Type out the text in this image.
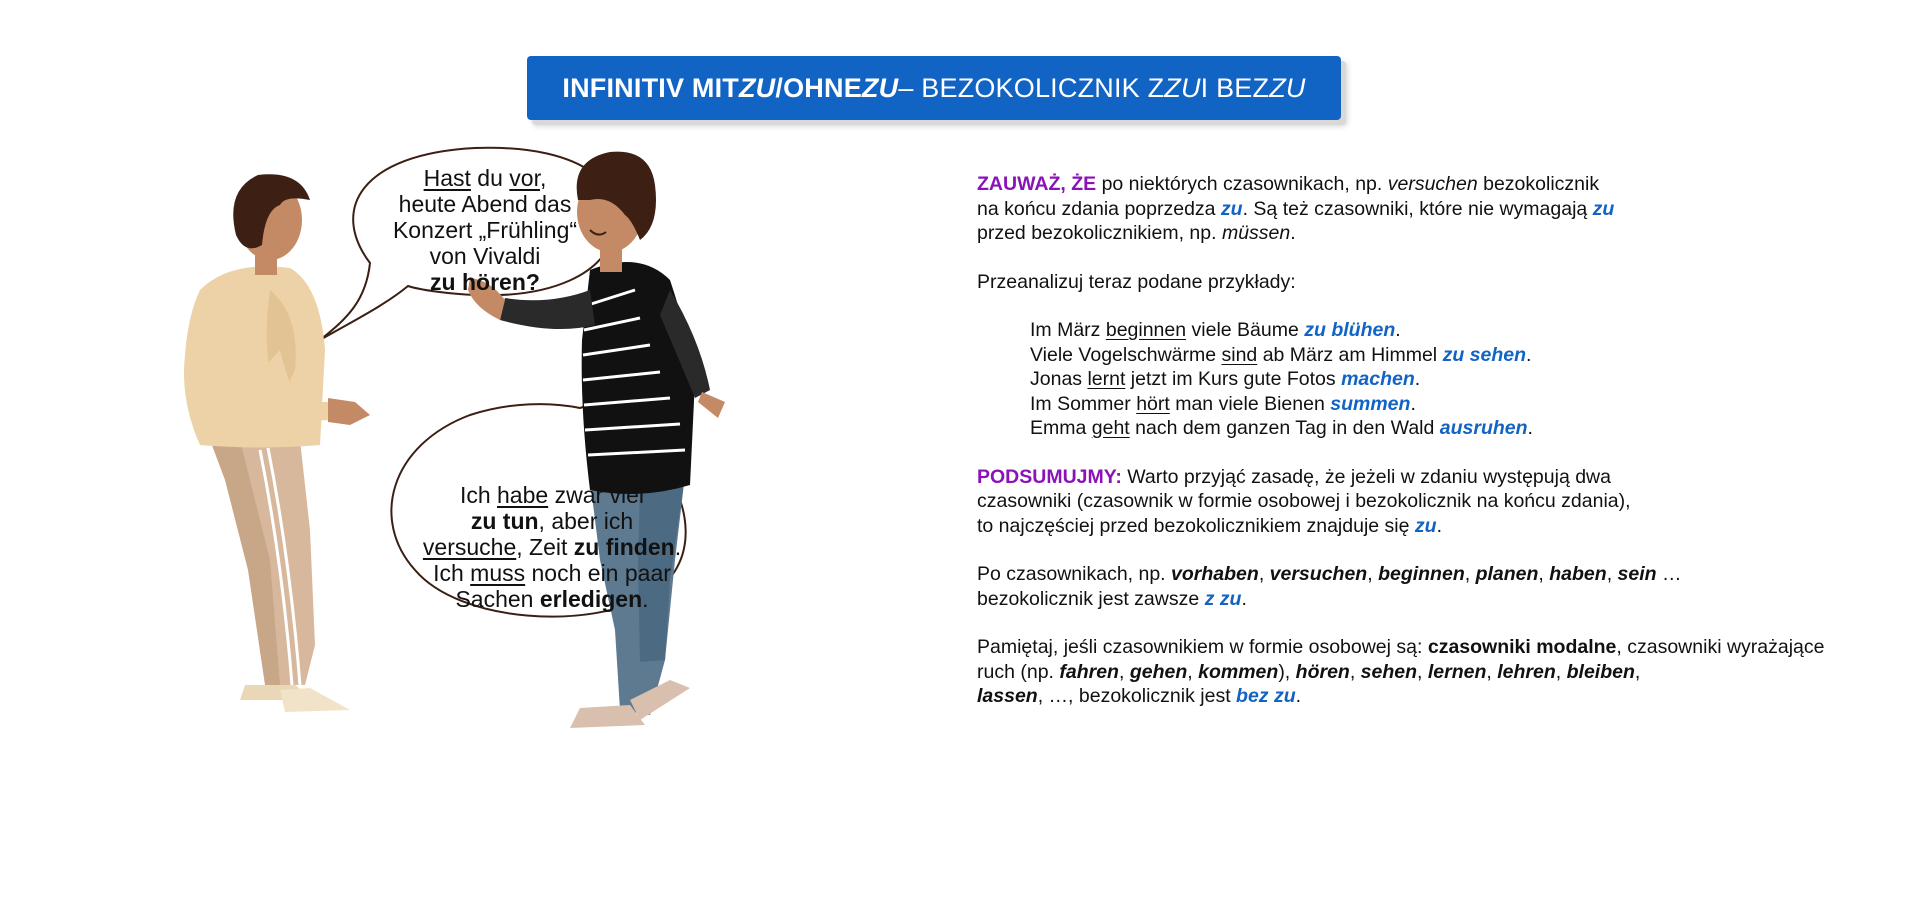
INFINITIV MIT ZU /OHNE ZU – BEZOKOLICZNIK Z ZU I BEZ ZU
Hast du vor,
heute Abend das
Konzert „Frühling“
von Vivaldi
zu hören?
Ich habe zwar viel
zu tun, aber ich
versuche, Zeit zu finden.
Ich muss noch ein paar
Sachen erledigen.

ZAUWAŻ, ŻE po niektórych czasownikach, np. versuchen bezokolicznik
na końcu zdania poprzedza zu. Są też czasowniki, które nie wymagają zu
przed bezokolicznikiem, np. müssen.

Przeanalizuj teraz podane przykłady:

Im März beginnen viele Bäume zu blühen.

Viele Vogelschwärme sind ab März am Himmel zu sehen.

Jonas lernt jetzt im Kurs gute Fotos machen.

Im Sommer hört man viele Bienen summen.

Emma geht nach dem ganzen Tag in den Wald ausruhen.

PODSUMUJMY: Warto przyjąć zasadę, że jeżeli w zdaniu występują dwa
czasowniki (czasownik w formie osobowej i bezokolicznik na końcu zdania),
to najczęściej przed bezokolicznikiem znajduje się zu.

Po czasownikach, np. vorhaben, versuchen, beginnen, planen, haben, sein …
bezokolicznik jest zawsze z zu.

Pamiętaj, jeśli czasownikiem w formie osobowej są: czasowniki modalne, czasowniki wyrażające
ruch (np. fahren, gehen, kommen), hören, sehen, lernen, lehren, bleiben,
lassen, …, bezokolicznik jest bez zu.
